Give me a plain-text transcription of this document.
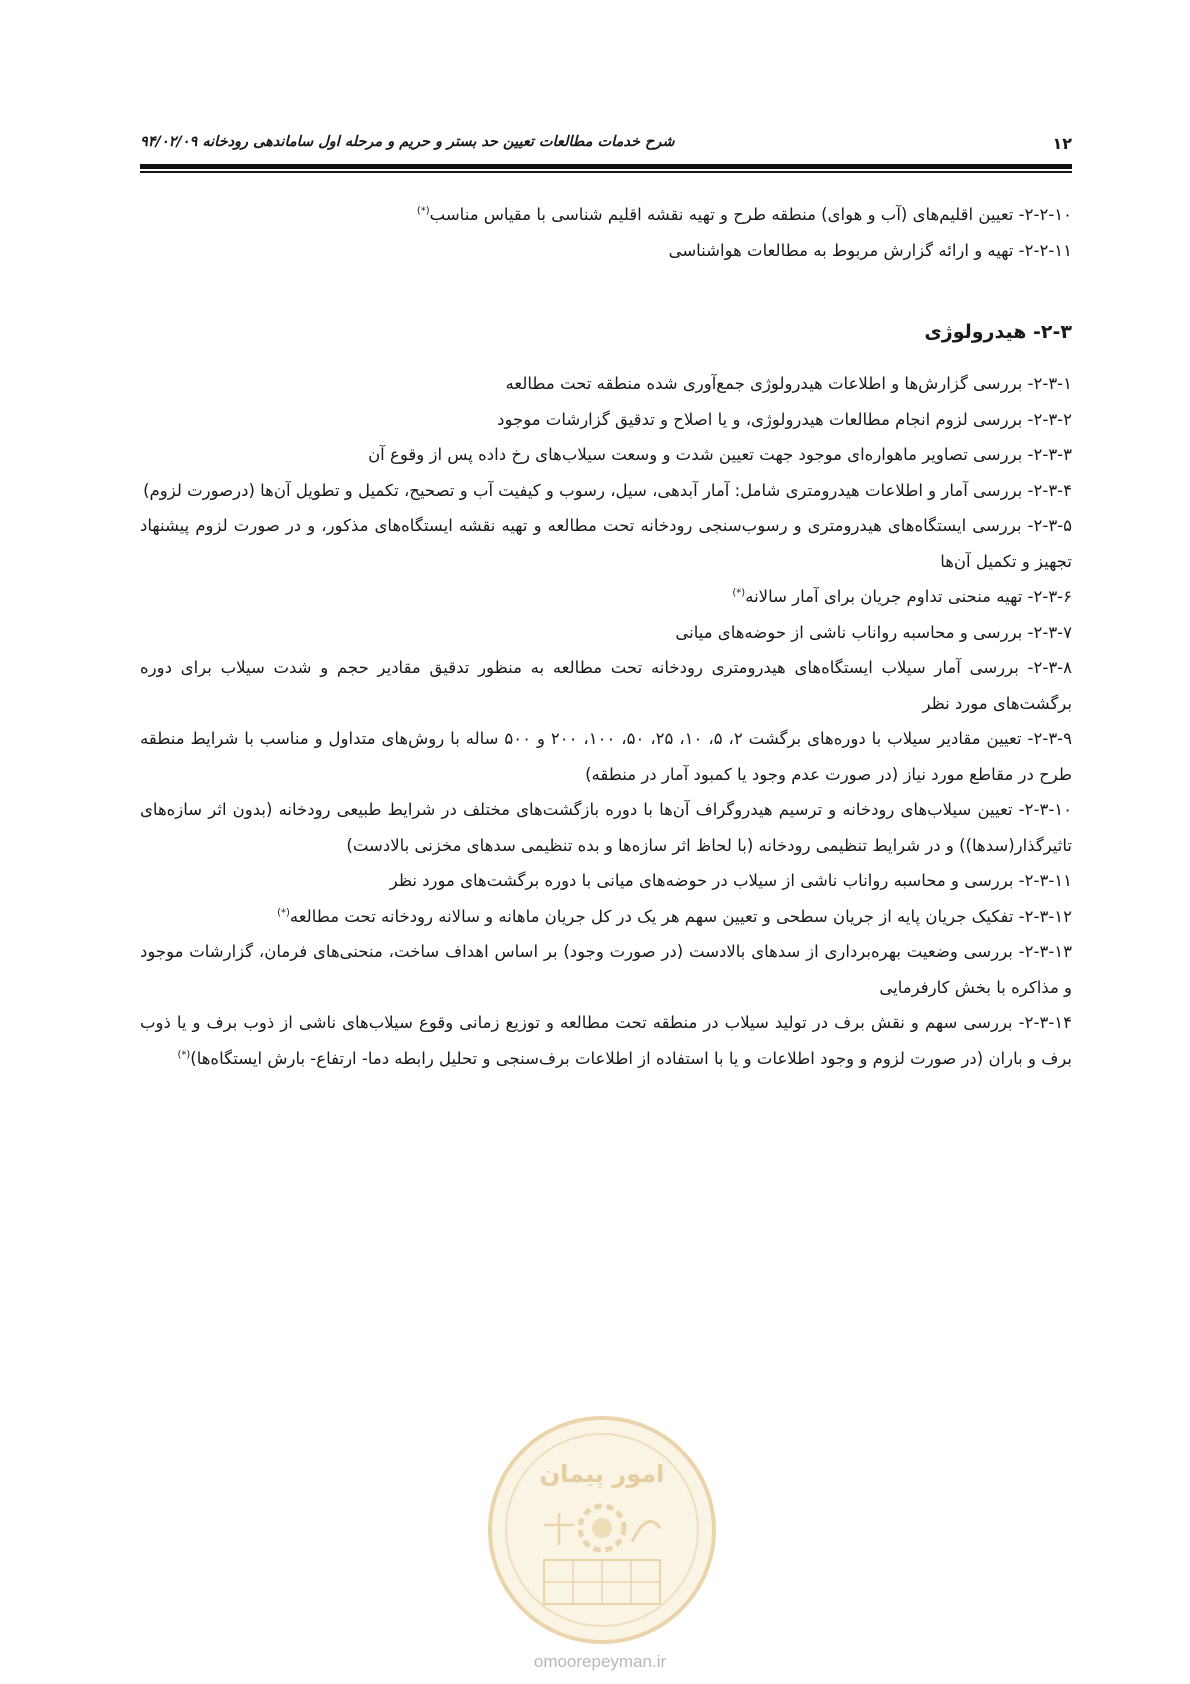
۱۲
شرح خدمات مطالعات تعیین حد بستر و حریم و مرحله اول ساماندهی رودخانه ۹۴/۰۲/۰۹

۲-۲-۱۰- تعیین اقلیم‌های (آب و هوای) منطقه طرح و تهیه نقشه اقلیم شناسی با مقیاس مناسب(*)

۲-۲-۱۱- تهیه و ارائه گزارش مربوط به مطالعات هواشناسی

۲-۳- هیدرولوژی

۲-۳-۱- بررسی گزارش‌ها و اطلاعات هیدرولوژی جمع‌آوری شده منطقه تحت مطالعه

۲-۳-۲- بررسی لزوم انجام مطالعات هیدرولوژی، و یا اصلاح و تدقیق گزارشات موجود

۲-۳-۳- بررسی تصاویر ماهواره‌ای موجود جهت تعیین شدت و وسعت سیلاب‌های رخ داده پس از وقوع آن

۲-۳-۴- بررسی آمار و اطلاعات هیدرومتری شامل: آمار آبدهی، سیل، رسوب و کیفیت آب و تصحیح، تکمیل و تطویل آن‌ها (درصورت لزوم)

۲-۳-۵- بررسی ایستگاه‌های هیدرومتری و رسوب‌سنجی رودخانه تحت مطالعه و تهیه نقشه ایستگاه‌های مذکور، و در صورت لزوم پیشنهاد تجهیز و تکمیل آن‌ها

۲-۳-۶- تهیه منحنی تداوم جریان برای آمار سالانه(*)

۲-۳-۷- بررسی و محاسبه رواناب ناشی از حوضه‌های میانی

۲-۳-۸- بررسی آمار سیلاب ایستگاه‌های هیدرومتری رودخانه تحت مطالعه به منظور تدقیق مقادیر حجم و شدت سیلاب برای دوره برگشت‌های مورد نظر

۲-۳-۹- تعیین مقادیر سیلاب با دوره‌های برگشت ۲، ۵، ۱۰، ۲۵، ۵۰، ۱۰۰، ۲۰۰ و ۵۰۰ ساله با روش‌های متداول و مناسب با شرایط منطقه طرح در مقاطع مورد نیاز (در صورت عدم وجود یا کمبود آمار در منطقه)

۲-۳-۱۰- تعیین سیلاب‌های رودخانه و ترسیم هیدروگراف آن‌ها با دوره بازگشت‌های مختلف در شرایط طبیعی رودخانه (بدون اثر سازه‌های تاثیرگذار(سدها)) و در شرایط تنظیمی رودخانه (با لحاظ اثر سازه‌ها و بده تنظیمی سدهای مخزنی بالادست)

۲-۳-۱۱- بررسی و محاسبه رواناب ناشی از سیلاب در حوضه‌های میانی با دوره برگشت‌های مورد نظر

۲-۳-۱۲- تفکیک جریان پایه از جریان سطحی و تعیین سهم هر یک در کل جریان ماهانه و سالانه رودخانه تحت مطالعه(*)

۲-۳-۱۳- بررسی وضعیت بهره‌برداری از سدهای بالادست (در صورت وجود) بر اساس اهداف ساخت، منحنی‌های فرمان، گزارشات موجود و مذاکره با بخش کارفرمایی

۲-۳-۱۴- بررسی سهم و نقش برف در تولید سیلاب در منطقه تحت مطالعه و توزیع زمانی وقوع سیلاب‌های ناشی از ذوب برف و یا ذوب برف و باران (در صورت لزوم و وجود اطلاعات و یا با استفاده از اطلاعات برف‌سنجی و تحلیل رابطه دما- ارتفاع- بارش ایستگاه‌ها)(*)

امور پیمان
omoorepeyman.ir
